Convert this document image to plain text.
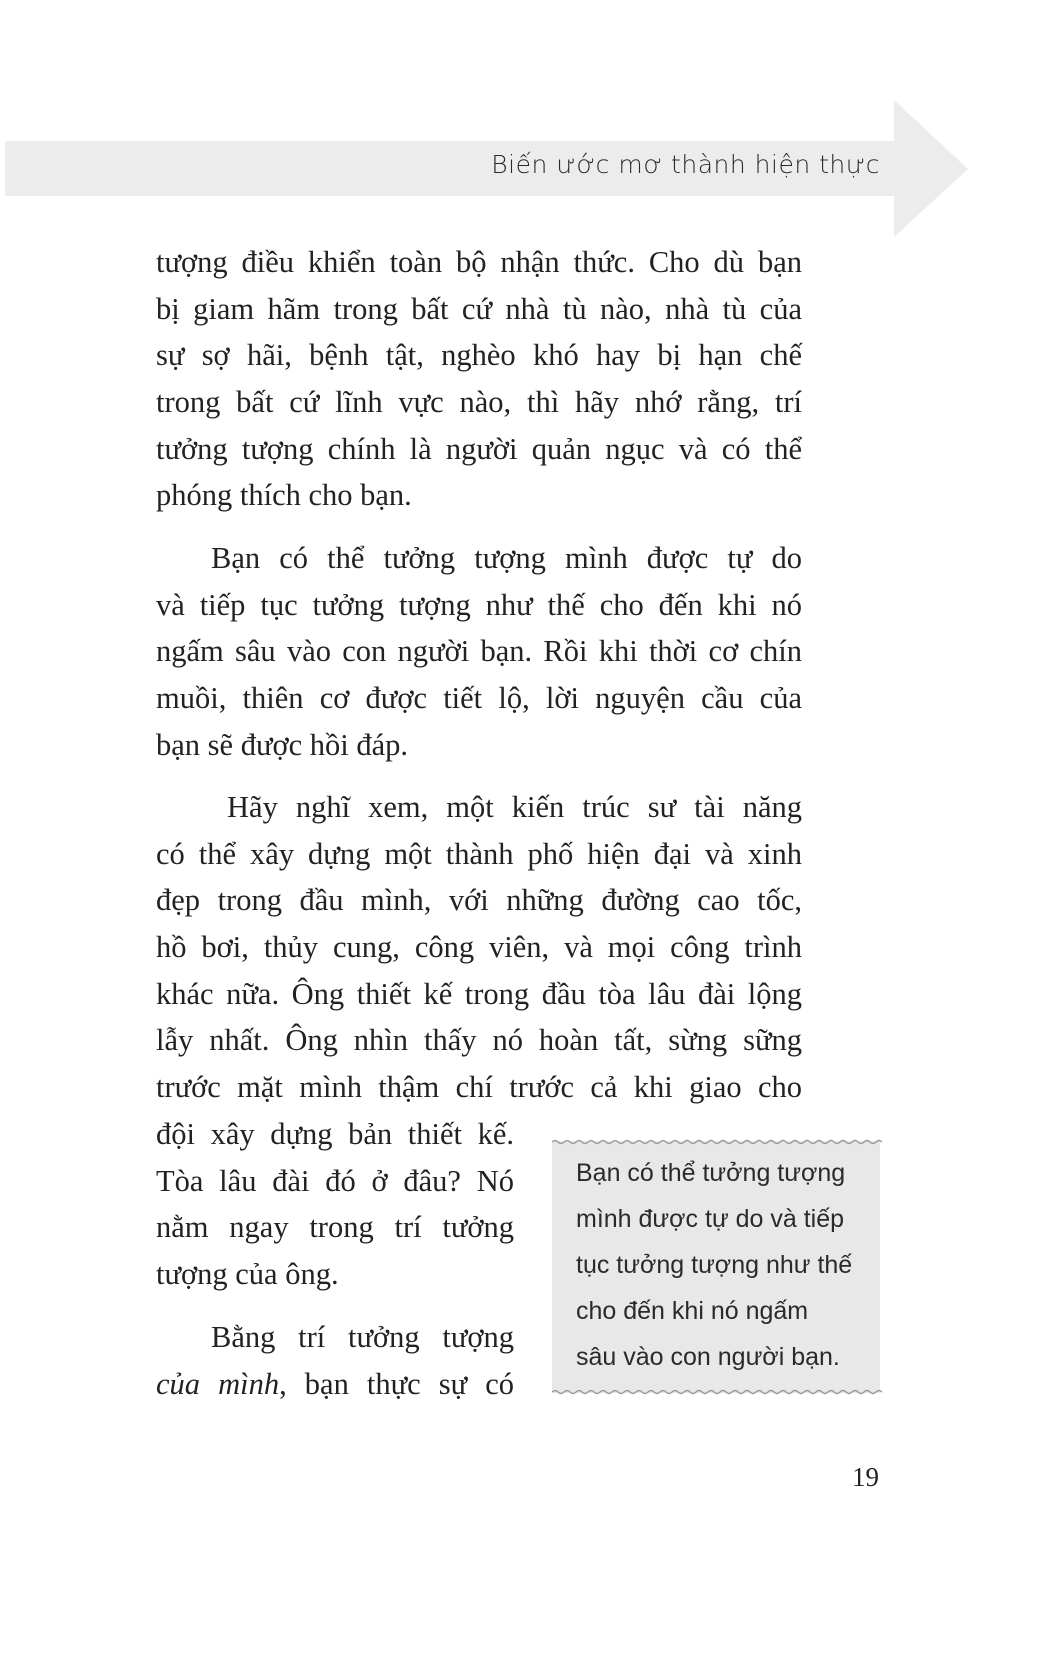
Biến ước mơ thành hiện thực
tượng điều khiển toàn bộ nhận thức. Cho dù bạn
bị giam hãm trong bất cứ nhà tù nào, nhà tù của
sự sợ hãi, bệnh tật, nghèo khó hay bị hạn chế
trong bất cứ lĩnh vực nào, thì hãy nhớ rằng, trí
tưởng tượng chính là người quản ngục và có thể
phóng thích cho bạn.
Bạn có thể tưởng tượng mình được tự do
và tiếp tục tưởng tượng như thế cho đến khi nó
ngấm sâu vào con người bạn. Rồi khi thời cơ chín
muồi, thiên cơ được tiết lộ, lời nguyện cầu của
bạn sẽ được hồi đáp.
Hãy nghĩ xem, một kiến trúc sư tài năng
có thể xây dựng một thành phố hiện đại và xinh
đẹp trong đầu mình, với những đường cao tốc,
hồ bơi, thủy cung, công viên, và mọi công trình
khác nữa. Ông thiết kế trong đầu tòa lâu đài lộng
lẫy nhất. Ông nhìn thấy nó hoàn tất, sừng sững
trước mặt mình thậm chí trước cả khi giao cho
đội xây dựng bản thiết kế.
Tòa lâu đài đó ở đâu? Nó
nằm ngay trong trí tưởng
tượng của ông.
Bằng trí tưởng tượng
của mình, bạn thực sự có
Bạn có thể tưởng tượng
mình được tự do và tiếp
tục tưởng tượng như thế
cho đến khi nó ngấm
sâu vào con người bạn.
19
